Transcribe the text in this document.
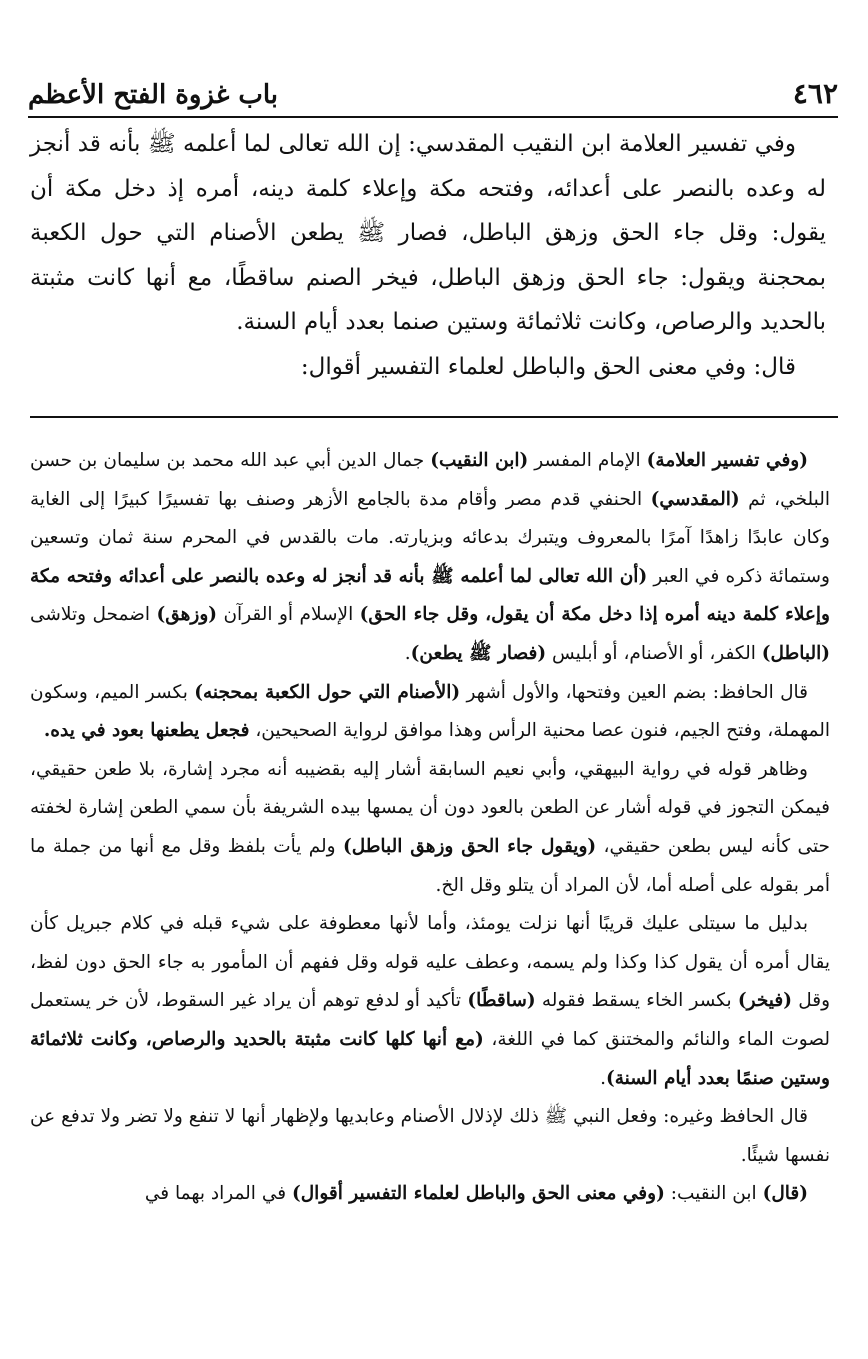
٤٦٢
باب غزوة الفتح الأعظم

وفي تفسير العلامة ابن النقيب المقدسي: إن الله تعالى لما أعلمه ﷺ بأنه قد أنجز له وعده بالنصر على أعدائه، وفتحه مكة وإعلاء كلمة دينه، أمره إذ دخل مكة أن يقول: وقل جاء الحق وزهق الباطل، فصار ﷺ يطعن الأصنام التي حول الكعبة بمحجنة ويقول: جاء الحق وزهق الباطل، فيخر الصنم ساقطًا، مع أنها كانت مثبتة بالحديد والرصاص، وكانت ثلاثمائة وستين صنما بعدد أيام السنة.

قال: وفي معنى الحق والباطل لعلماء التفسير أقوال:

(وفي تفسير العلامة) الإمام المفسر (ابن النقيب) جمال الدين أبي عبد الله محمد بن سليمان بن حسن البلخي، ثم (المقدسي) الحنفي قدم مصر وأقام مدة بالجامع الأزهر وصنف بها تفسيرًا كبيرًا إلى الغاية وكان عابدًا زاهدًا آمرًا بالمعروف ويتبرك بدعائه وبزيارته. مات بالقدس في المحرم سنة ثمان وتسعين وستمائة ذكره في العبر (أن الله تعالى لما أعلمه ﷺ بأنه قد أنجز له وعده بالنصر على أعدائه وفتحه مكة وإعلاء كلمة دينه أمره إذا دخل مكة أن يقول، وقل جاء الحق) الإسلام أو القرآن (وزهق) اضمحل وتلاشى (الباطل) الكفر، أو الأصنام، أو أبليس (فصار ﷺ يطعن).

قال الحافظ: بضم العين وفتحها، والأول أشهر (الأصنام التي حول الكعبة بمحجنه) بكسر الميم، وسكون المهملة، وفتح الجيم، فنون عصا محنية الرأس وهذا موافق لرواية الصحيحين، فجعل يطعنها بعود في يده.

وظاهر قوله في رواية البيهقي، وأبي نعيم السابقة أشار إليه بقضيبه أنه مجرد إشارة، بلا طعن حقيقي، فيمكن التجوز في قوله أشار عن الطعن بالعود دون أن يمسها بيده الشريفة بأن سمي الطعن إشارة لخفته حتى كأنه ليس بطعن حقيقي، (ويقول جاء الحق وزهق الباطل) ولم يأت بلفظ وقل مع أنها من جملة ما أمر بقوله على أصله أما، لأن المراد أن يتلو وقل الخ.

بدليل ما سيتلى عليك قريبًا أنها نزلت يومئذ، وأما لأنها معطوفة على شيء قبله في كلام جبريل كأن يقال أمره أن يقول كذا وكذا ولم يسمه، وعطف عليه قوله وقل ففهم أن المأمور به جاء الحق دون لفظ، وقل (فيخر) بكسر الخاء يسقط فقوله (ساقطًا) تأكيد أو لدفع توهم أن يراد غير السقوط، لأن خر يستعمل لصوت الماء والنائم والمختنق كما في اللغة، (مع أنها كلها كانت مثبتة بالحديد والرصاص، وكانت ثلاثمائة وستين صنمًا بعدد أيام السنة).

قال الحافظ وغيره: وفعل النبي ﷺ ذلك لإذلال الأصنام وعابديها ولإظهار أنها لا تنفع ولا تضر ولا تدفع عن نفسها شيئًا.

(قال) ابن النقيب: (وفي معنى الحق والباطل لعلماء التفسير أقوال) في المراد بهما في
